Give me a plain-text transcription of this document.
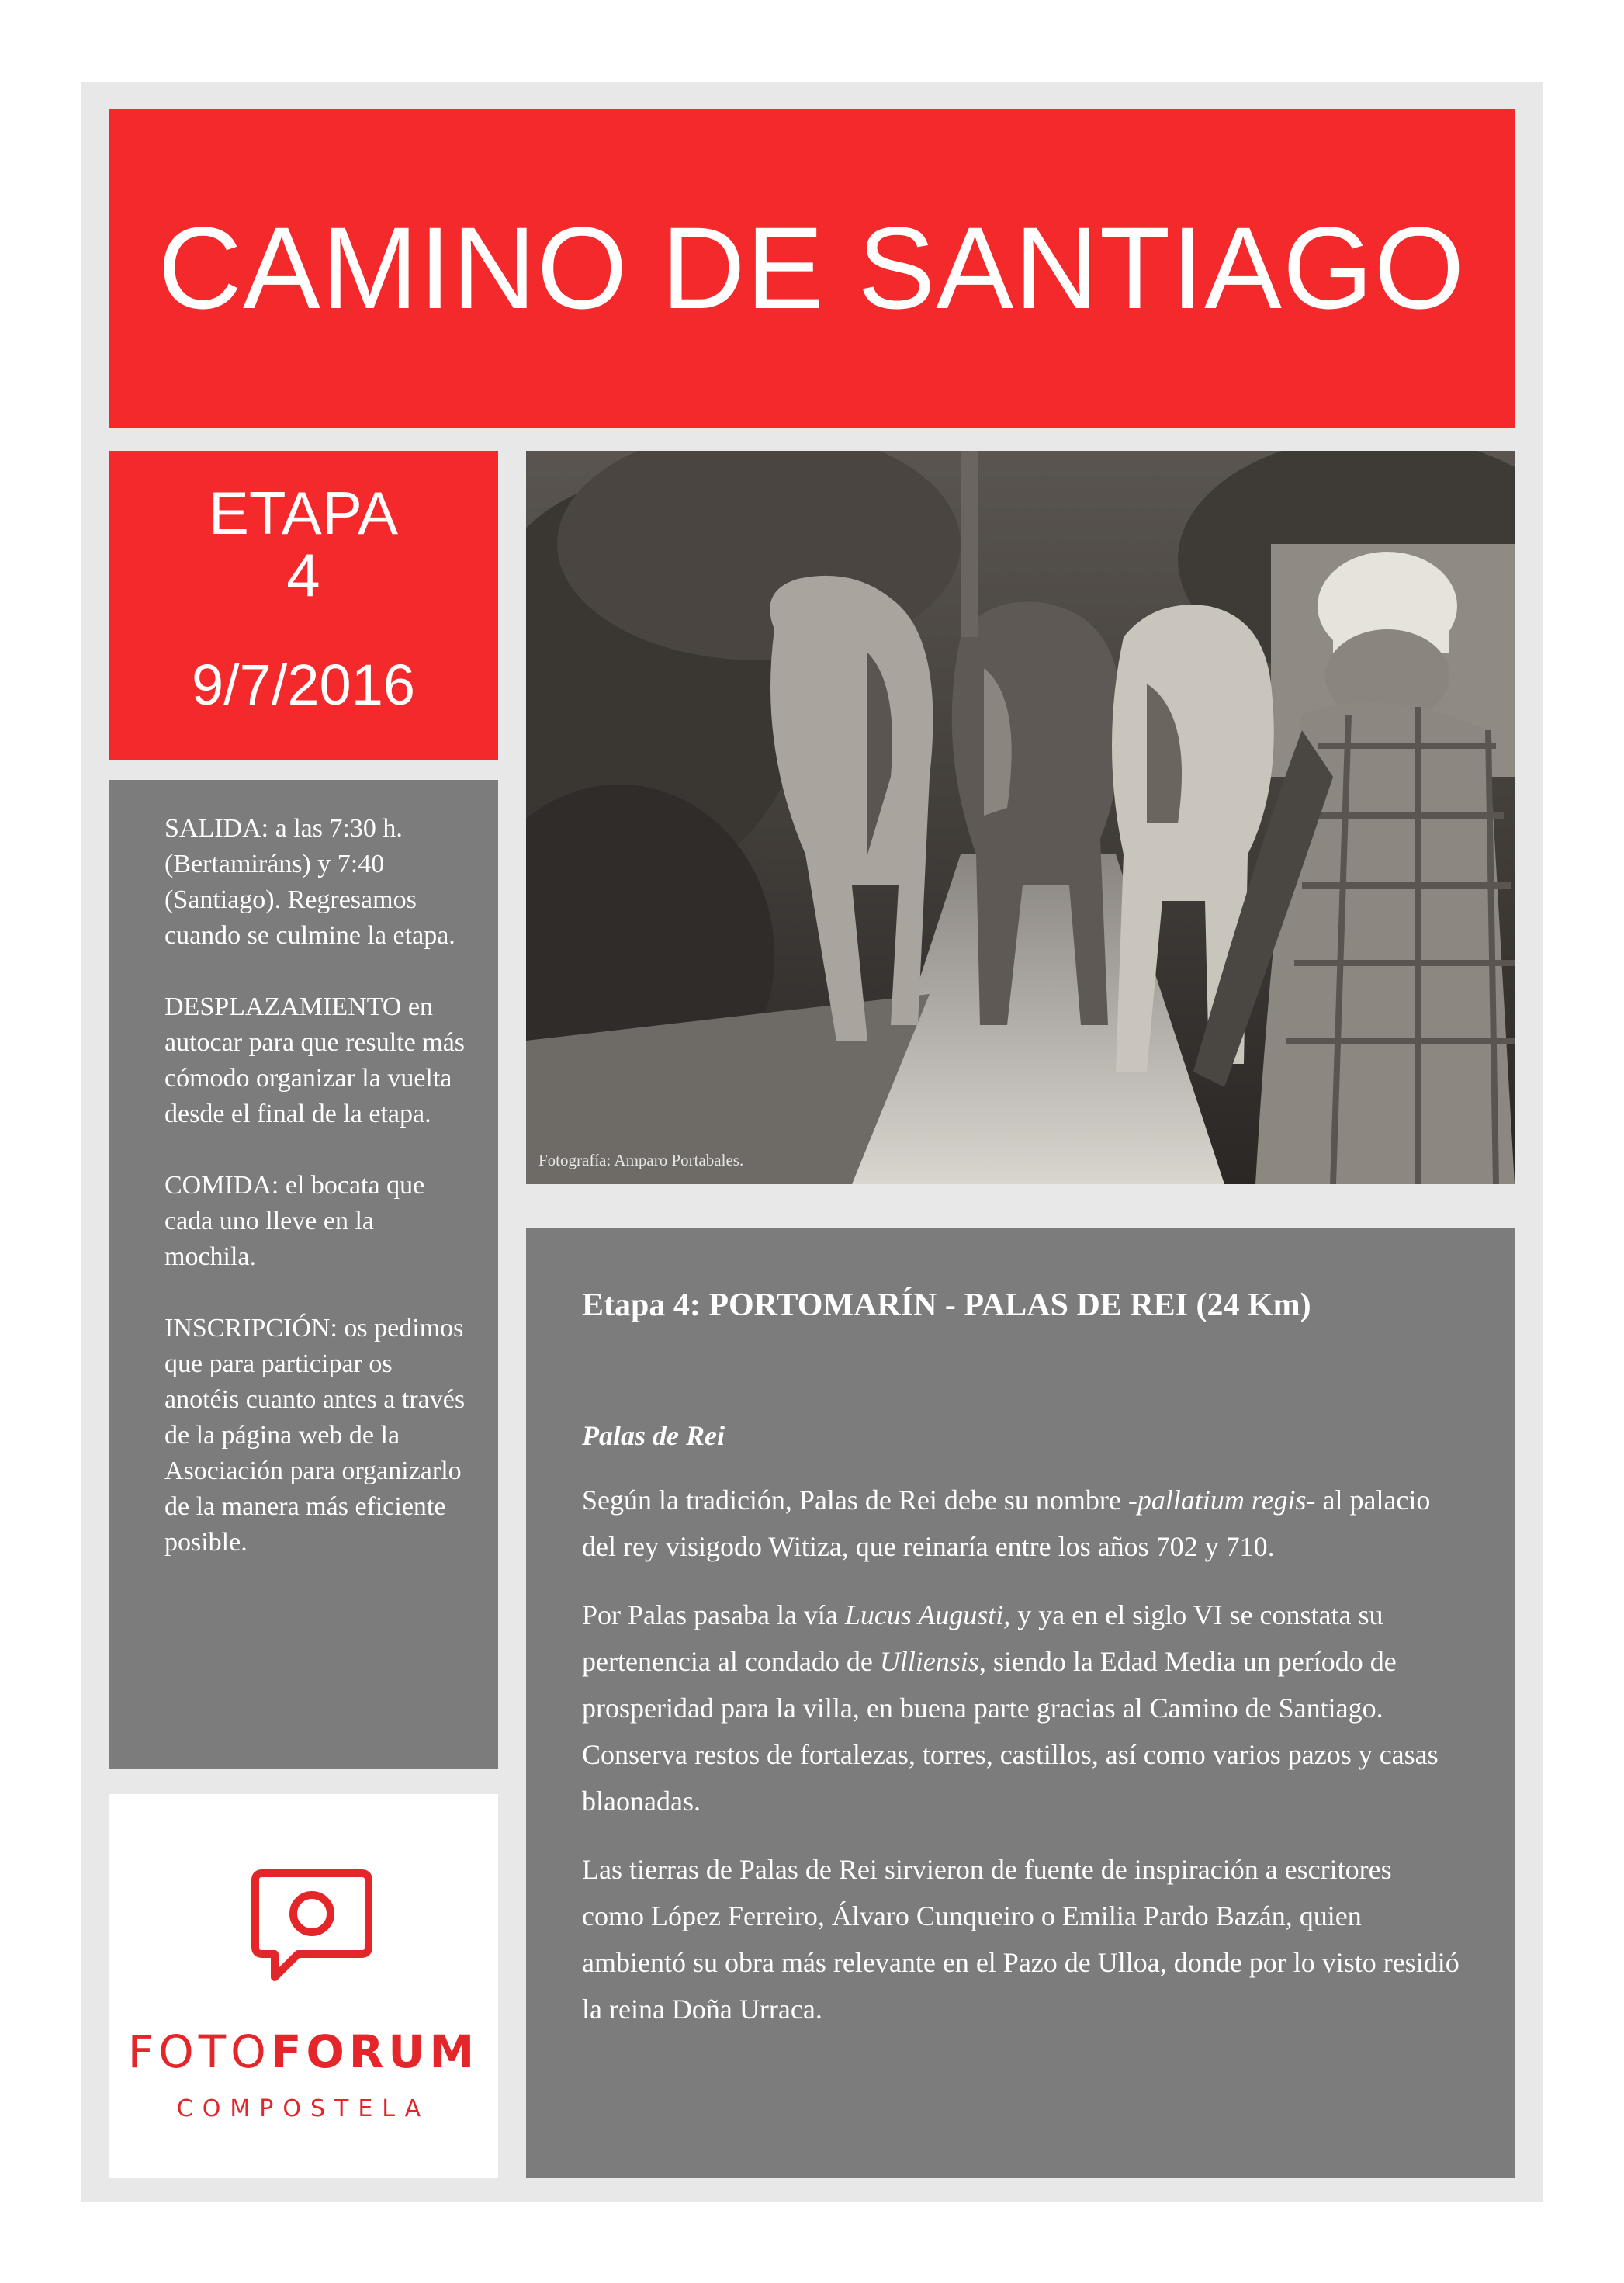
CAMINO DE SANTIAGO
ETAPA
4
9/7/2016

SALIDA: a las 7:30 h. (Bertamiráns) y 7:40 (Santiago). Regresamos cuando se culmine la etapa.

DESPLAZAMIENTO en autocar para que resulte más cómodo organizar la vuelta desde el final de la etapa.

COMIDA: el bocata que cada uno lleve en la mochila.

INSCRIPCIÓN: os pedimos que para participar os anotéis cuanto antes a través de la página web de la Asociación para organizarlo de la manera más eficiente posible.

FOTOFORUM
COMPOSTELA
Fotografía: Amparo Portabales.
Etapa 4: PORTOMARÍN - PALAS DE REI (24 Km)

Palas de Rei

Según la tradición, Palas de Rei debe su nombre -pallatium regis- al palacio del rey visigodo Witiza, que reinaría entre los años 702 y 710.

Por Palas pasaba la vía Lucus Augusti, y ya en el siglo VI se constata su pertenencia al condado de Ulliensis, siendo la Edad Media un período de prosperidad para la villa, en buena parte gracias al Camino de Santiago. Conserva restos de fortalezas, torres, castillos, así como varios pazos y casas blaonadas.

Las tierras de Palas de Rei sirvieron de fuente de inspiración a escritores como López Ferreiro, Álvaro Cunqueiro o Emilia Pardo Bazán, quien ambientó su obra más relevante en el Pazo de Ulloa, donde por lo visto residió la reina Doña Urraca.
